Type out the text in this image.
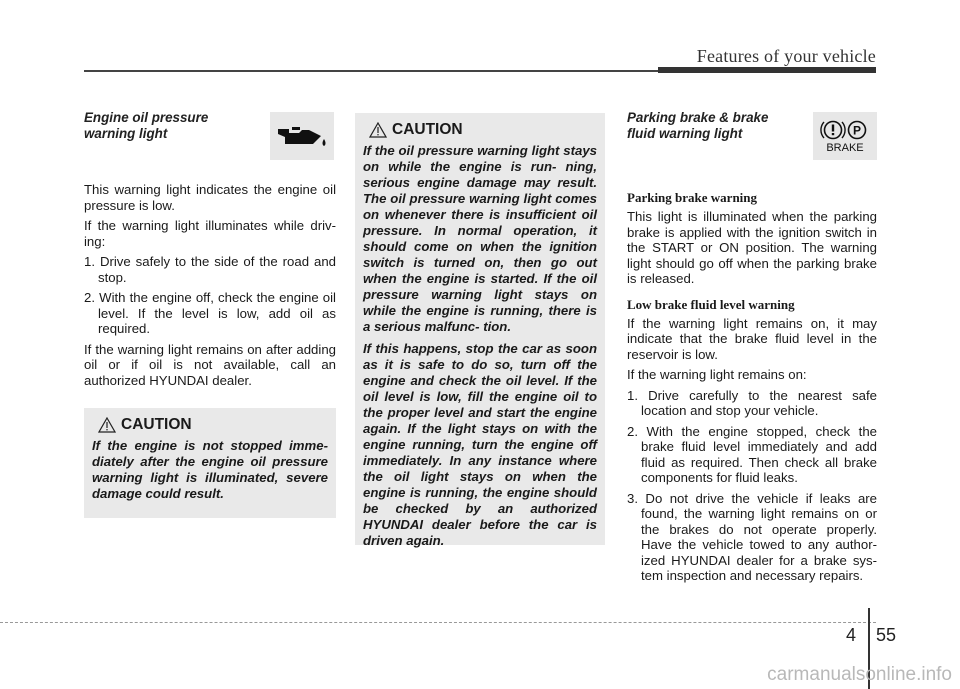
Features of your vehicle
Engine oil pressure warning light

This warning light indicates the engine oil pressure is low.

If the warning light illuminates while driv- ing:

1. Drive safely to the side of the road and stop.
2. With the engine off, check the engine oil level. If the level is low, add oil as required.

If the warning light remains on after adding oil or if oil is not available, call an authorized HYUNDAI dealer.

CAUTION

If the engine is not stopped imme- diately after the engine oil pressure warning light is illuminated, severe damage could result.

CAUTION

If the oil pressure warning light stays on while the engine is run- ning, serious engine damage may result. The oil pressure warning light comes on whenever there is insufficient oil pressure. In normal operation, it should come on when the ignition switch is turned on, then go out when the engine is started. If the oil pressure warning light stays on while the engine is running, there is a serious malfunc- tion.

If this happens, stop the car as soon as it is safe to do so, turn off the engine and check the oil level. If the oil level is low, fill the engine oil to the proper level and start the engine again. If the light stays on with the engine running, turn the engine off immediately. In any instance where the oil light stays on when the engine is running, the engine should be checked by an authorized HYUNDAI dealer before the car is driven again.

Parking brake & brake fluid warning light	P
BRAKE
Parking brake warning

This light is illuminated when the parking brake is applied with the ignition switch in the START or ON position. The warning light should go off when the parking brake is released.

Low brake fluid level warning

If the warning light remains on, it may indicate that the brake fluid level in the reservoir is low.

If the warning light remains on:

1. Drive carefully to the nearest safe location and stop your vehicle.
2. With the engine stopped, check the brake fluid level immediately and add fluid as required. Then check all brake components for fluid leaks.
3. Do not drive the vehicle if leaks are found, the warning light remains on or the brakes do not operate properly. Have the vehicle towed to any author- ized HYUNDAI dealer for a brake sys- tem inspection and necessary repairs.
4 55
carmanualsonline.info
